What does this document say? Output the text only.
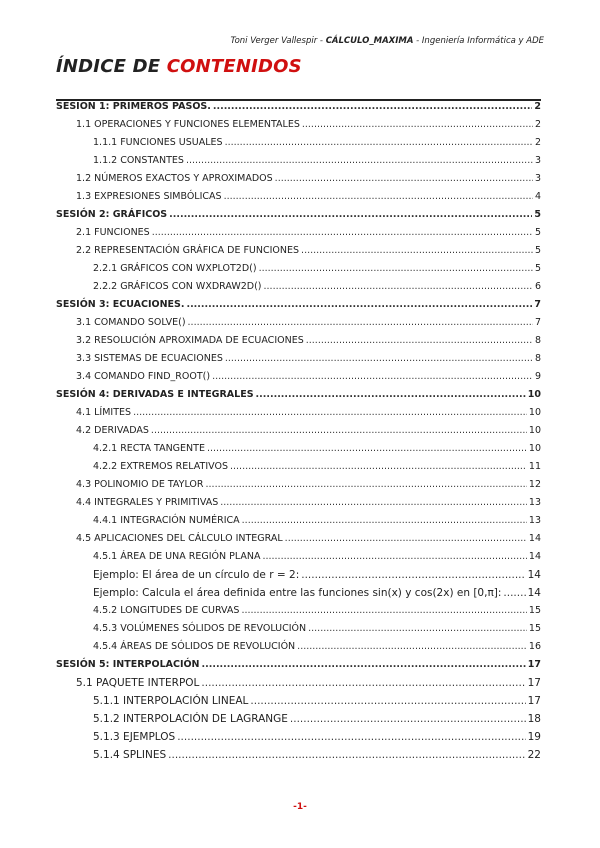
Toni Verger Vallespir - CÁLCULO_MAXIMA - Ingeniería Informática y ADE
ÍNDICE DE CONTENIDOS
SESIÓN 1: PRIMEROS PASOS. .....	2
1.1 OPERACIONES Y FUNCIONES ELEMENTALES .....	2
1.1.1 FUNCIONES USUALES .....	2
1.1.2 CONSTANTES .....	3
1.2 NÚMEROS EXACTOS Y APROXIMADOS .....	3
1.3 EXPRESIONES SIMBÓLICAS .....	4
SESIÓN 2: GRÁFICOS .....	5
2.1 FUNCIONES .....	5
2.2 REPRESENTACIÓN GRÁFICA DE FUNCIONES .....	5
2.2.1 GRÁFICOS CON WXPLOT2D() .....	5
2.2.2 GRÁFICOS CON WXDRAW2D() .....	6
SESIÓN 3: ECUACIONES. .....	7
3.1 COMANDO SOLVE() .....	7
3.2 RESOLUCIÓN APROXIMADA DE ECUACIONES .....	8
3.3 SISTEMAS DE ECUACIONES .....	8
3.4 COMANDO FIND_ROOT() .....	9
SESIÓN 4: DERIVADAS E INTEGRALES .....	10
4.1 LÍMITES .....	10
4.2 DERIVADAS .....	10
4.2.1 RECTA TANGENTE .....	10
4.2.2 EXTREMOS RELATIVOS .....	11
4.3 POLINOMIO DE TAYLOR .....	12
4.4 INTEGRALES Y PRIMITIVAS .....	13
4.4.1 INTEGRACIÓN NUMÉRICA .....	13
4.5 APLICACIONES DEL CÁLCULO INTEGRAL .....	14
4.5.1 ÁREA DE UNA REGIÓN PLANA .....	14
Ejemplo: El área de un círculo de r = 2: .....	14
Ejemplo: Calcula el área definida entre las funciones sin(x) y cos(2x) en [0,π]: ..... 14
4.5.2 LONGITUDES DE CURVAS .....	15
4.5.3 VOLÚMENES SÓLIDOS DE REVOLUCIÓN .....	15
4.5.4 ÁREAS DE SÓLIDOS DE REVOLUCIÓN .....	16
SESIÓN 5: INTERPOLACIÓN .....	17
5.1 PAQUETE INTERPOL .....	17
5.1.1 INTERPOLACIÓN LINEAL .....	17
5.1.2 INTERPOLACIÓN DE LAGRANGE .....	18
5.1.3 EJEMPLOS .....	19
5.1.4 SPLINES .....	22
-1-
